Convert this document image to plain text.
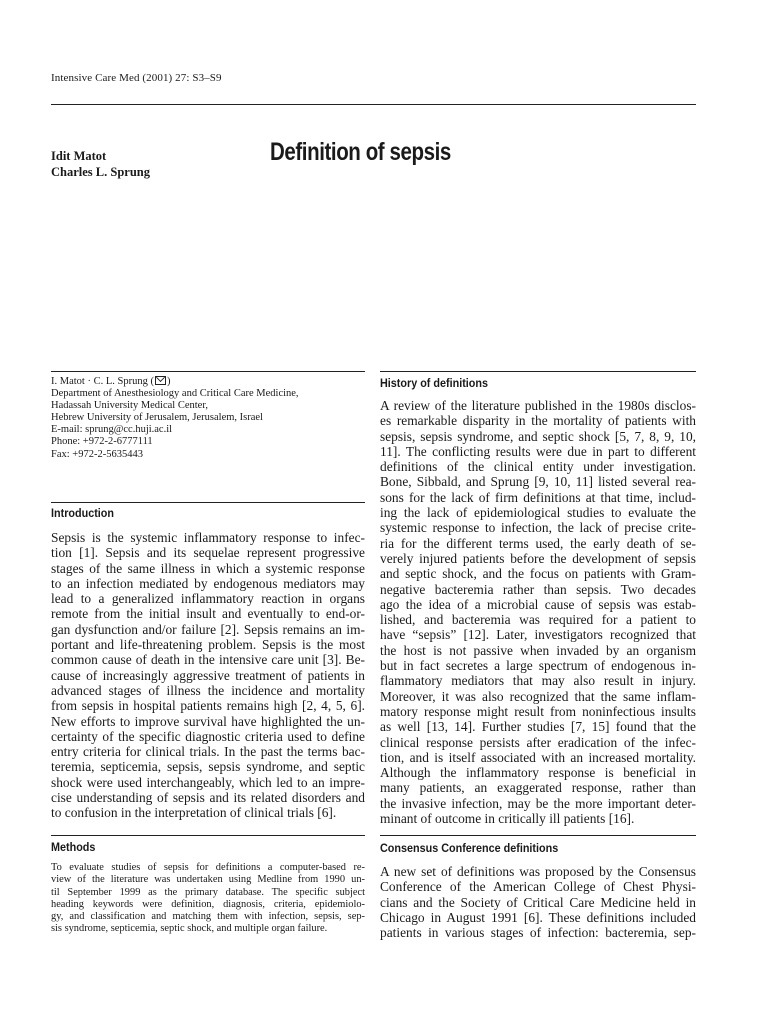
Intensive Care Med (2001) 27: S3–S9
Idit Matot
Charles L. Sprung
Definition of sepsis
I. Matot · C. L. Sprung ( )
Department of Anesthesiology and Critical Care Medicine,
Hadassah University Medical Center,
Hebrew University of Jerusalem, Jerusalem, Israel
E-mail: sprung@cc.huji.ac.il
Phone: +972-2-6777111
Fax: +972-2-5635443
Introduction
Sepsis is the systemic inflammatory response to infec-
tion [1]. Sepsis and its sequelae represent progressive
stages of the same illness in which a systemic response
to an infection mediated by endogenous mediators may
lead to a generalized inflammatory reaction in organs
remote from the initial insult and eventually to end-or-
gan dysfunction and/or failure [2]. Sepsis remains an im-
portant and life-threatening problem. Sepsis is the most
common cause of death in the intensive care unit [3]. Be-
cause of increasingly aggressive treatment of patients in
advanced stages of illness the incidence and mortality
from sepsis in hospital patients remains high [2, 4, 5, 6].
New efforts to improve survival have highlighted the un-
certainty of the specific diagnostic criteria used to define
entry criteria for clinical trials. In the past the terms bac-
teremia, septicemia, sepsis, sepsis syndrome, and septic
shock were used interchangeably, which led to an impre-
cise understanding of sepsis and its related disorders and
to confusion in the interpretation of clinical trials [6].
Methods
To evaluate studies of sepsis for definitions a computer-based re-
view of the literature was undertaken using Medline from 1990 un-
til September 1999 as the primary database. The specific subject
heading keywords were definition, diagnosis, criteria, epidemiolo-
gy, and classification and matching them with infection, sepsis, sep-
sis syndrome, septicemia, septic shock, and multiple organ failure.
History of definitions
A review of the literature published in the 1980s disclos-
es remarkable disparity in the mortality of patients with
sepsis, sepsis syndrome, and septic shock [5, 7, 8, 9, 10,
11]. The conflicting results were due in part to different
definitions of the clinical entity under investigation.
Bone, Sibbald, and Sprung [9, 10, 11] listed several rea-
sons for the lack of firm definitions at that time, includ-
ing the lack of epidemiological studies to evaluate the
systemic response to infection, the lack of precise crite-
ria for the different terms used, the early death of se-
verely injured patients before the development of sepsis
and septic shock, and the focus on patients with Gram-
negative bacteremia rather than sepsis. Two decades
ago the idea of a microbial cause of sepsis was estab-
lished, and bacteremia was required for a patient to
have “sepsis” [12]. Later, investigators recognized that
the host is not passive when invaded by an organism
but in fact secretes a large spectrum of endogenous in-
flammatory mediators that may also result in injury.
Moreover, it was also recognized that the same inflam-
matory response might result from noninfectious insults
as well [13, 14]. Further studies [7, 15] found that the
clinical response persists after eradication of the infec-
tion, and is itself associated with an increased mortality.
Although the inflammatory response is beneficial in
many patients, an exaggerated response, rather than
the invasive infection, may be the more important deter-
minant of outcome in critically ill patients [16].
Consensus Conference definitions
A new set of definitions was proposed by the Consensus
Conference of the American College of Chest Physi-
cians and the Society of Critical Care Medicine held in
Chicago in August 1991 [6]. These definitions included
patients in various stages of infection: bacteremia, sep-
